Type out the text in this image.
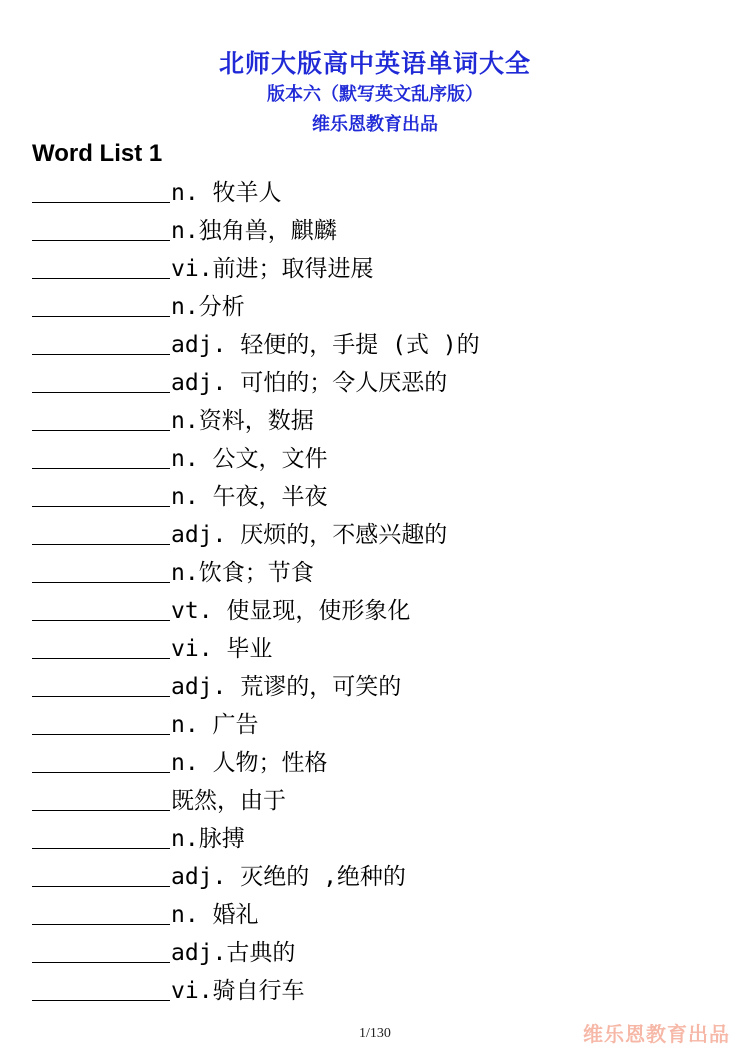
北师大版高中英语单词大全
版本六（默写英文乱序版）
维乐恩教育出品
Word List 1
n. 牧羊人
n.独角兽，麒麟
vi.前进；取得进展
n.分析
adj. 轻便的，手提 (式 )的
adj. 可怕的；令人厌恶的
n.资料，数据
n. 公文，文件
n. 午夜，半夜
adj. 厌烦的，不感兴趣的
n.饮食；节食
vt. 使显现，使形象化
vi. 毕业
adj. 荒谬的，可笑的
n. 广告
n. 人物；性格
既然，由于
n.脉搏
adj. 灭绝的 ,绝种的
n. 婚礼
adj.古典的
vi.骑自行车
1/130	维乐恩教育出品
